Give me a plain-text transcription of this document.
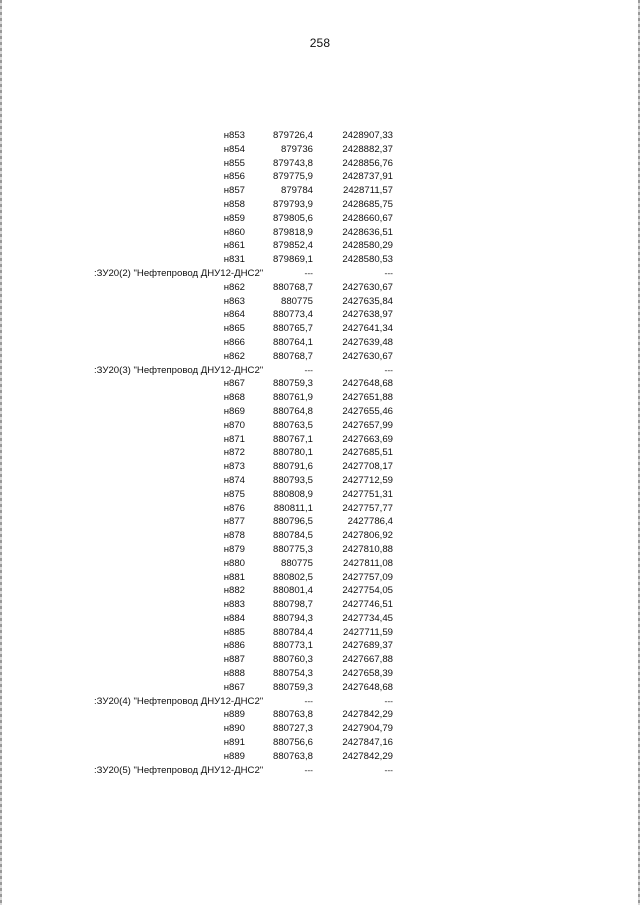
258
н853	879726,4	2428907,33
н854	879736	2428882,37
н855	879743,8	2428856,76
н856	879775,9	2428737,91
н857	879784	2428711,57
н858	879793,9	2428685,75
н859	879805,6	2428660,67
н860	879818,9	2428636,51
н861	879852,4	2428580,29
н831	879869,1	2428580,53
:ЗУ20(2) "Нефтепровод ДНУ12-ДНС2"	---	---
н862	880768,7	2427630,67
н863	880775	2427635,84
н864	880773,4	2427638,97
н865	880765,7	2427641,34
н866	880764,1	2427639,48
н862	880768,7	2427630,67
:ЗУ20(3) "Нефтепровод ДНУ12-ДНС2"	---	---
н867	880759,3	2427648,68
н868	880761,9	2427651,88
н869	880764,8	2427655,46
н870	880763,5	2427657,99
н871	880767,1	2427663,69
н872	880780,1	2427685,51
н873	880791,6	2427708,17
н874	880793,5	2427712,59
н875	880808,9	2427751,31
н876	880811,1	2427757,77
н877	880796,5	2427786,4
н878	880784,5	2427806,92
н879	880775,3	2427810,88
н880	880775	2427811,08
н881	880802,5	2427757,09
н882	880801,4	2427754,05
н883	880798,7	2427746,51
н884	880794,3	2427734,45
н885	880784,4	2427711,59
н886	880773,1	2427689,37
н887	880760,3	2427667,88
н888	880754,3	2427658,39
н867	880759,3	2427648,68
:ЗУ20(4) "Нефтепровод ДНУ12-ДНС2"	---	---
н889	880763,8	2427842,29
н890	880727,3	2427904,79
н891	880756,6	2427847,16
н889	880763,8	2427842,29
:ЗУ20(5) "Нефтепровод ДНУ12-ДНС2"	---	---
